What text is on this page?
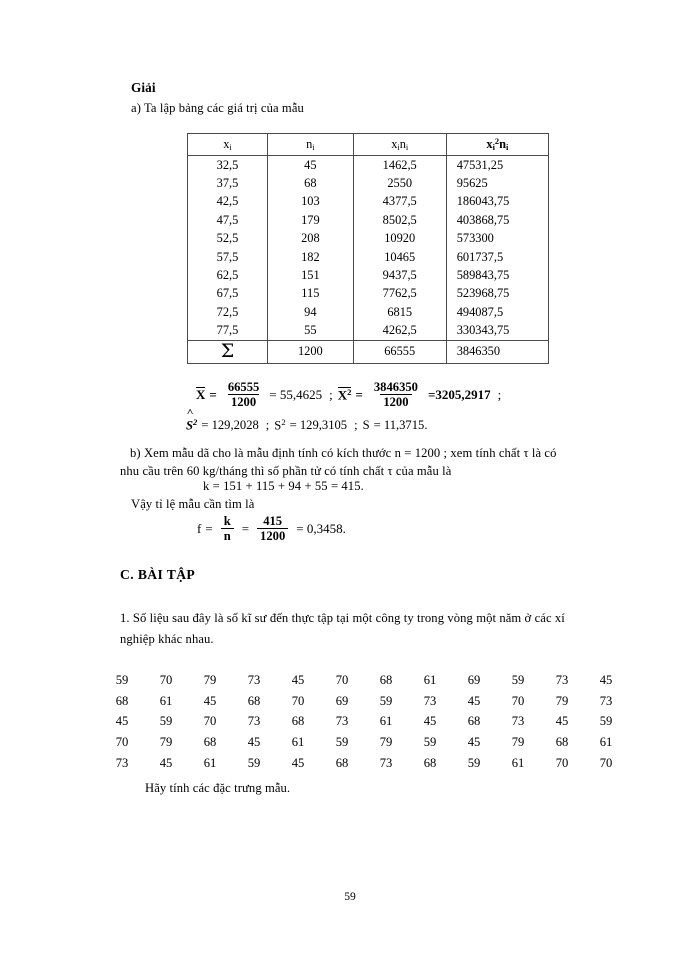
Giải
a) Ta lập bảng các giá trị của mẫu
xi	ni	xini	$xi^2ni$
32,5	45	1462,5	47531,25
37,5	68	2550	95625
42,5	103	4377,5	186043,75
47,5	179	8502,5	403868,75
52,5	208	10920	573300
57,5	182	10465	601737,5
62,5	151	9437,5	589843,75
67,5	115	7762,5	523968,75
72,5	94	6815	494087,5
77,5	55	4262,5	330343,75
Σ	1200	66555	3846350
$X = \frac{66555}{1200} = 55,4625$ ; $X^2 = \frac{3846350}{1200} =3205,2917$ ;
˄
$S^2 = 129,2028$ ; $S^2 = 129,3105$ ; S = 11,3715.
b) Xem mẫu dã cho là mẫu định tính có kích thước n = 1200 ; xem tính chất τ là có
nhu cầu trên 60 kg/tháng thì số phần tử có tính chất τ của mẫu là
k = 151 + 115 + 94 + 55 = 415.
Vậy tỉ lệ mẫu cần tìm là
$f = \frac{k}{n} = \frac{415}{1200} = 0,3458$.
C. BÀI TẬP
1. Số liệu sau đây là số kĩ sư đến thực tập tại một công ty trong vòng một năm ở các xí
nghiệp khác nhau.
59	70	79	73	45	70	68	61	69	59	73	45
68	61	45	68	70	69	59	73	45	70	79	73
45	59	70	73	68	73	61	45	68	73	45	59
70	79	68	45	61	59	79	59	45	79	68	61
73	45	61	59	45	68	73	68	59	61	70	70
Hãy tính các đặc trưng mẫu.
59
